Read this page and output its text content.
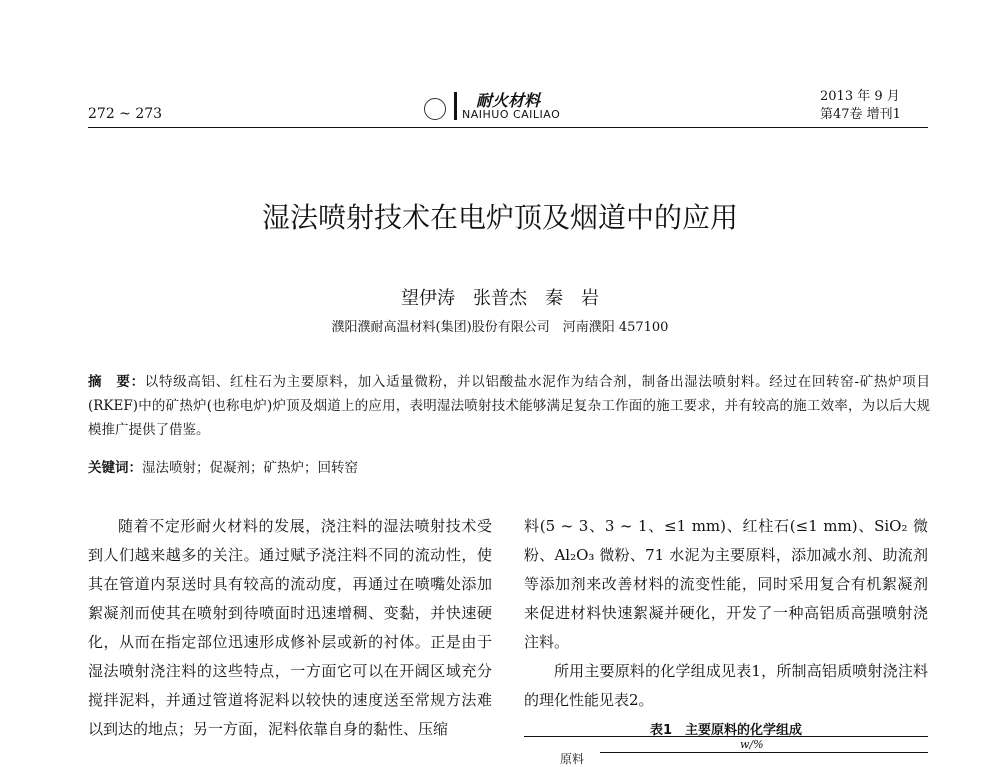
272 ~ 273
耐火材料
NAIHUO CAILIAO
2013 年 9 月
第47卷 增刊1
湿法喷射技术在电炉顶及烟道中的应用
望伊涛　张普杰　秦　岩
濮阳濮耐高温材料(集团)股份有限公司　河南濮阳 457100
摘　要：以特级高铝、红柱石为主要原料，加入适量微粉，并以铝酸盐水泥作为结合剂，制备出湿法喷射料。经过在回转窑-矿热炉项目(RKEF)中的矿热炉(也称电炉)炉顶及烟道上的应用，表明湿法喷射技术能够满足复杂工作面的施工要求，并有较高的施工效率，为以后大规模推广提供了借鉴。
关键词：湿法喷射；促凝剂；矿热炉；回转窑

随着不定形耐火材料的发展，浇注料的湿法喷射技术受到人们越来越多的关注。通过赋予浇注料不同的流动性，使其在管道内泵送时具有较高的流动度，再通过在喷嘴处添加絮凝剂而使其在喷射到待喷面时迅速增稠、变黏，并快速硬化，从而在指定部位迅速形成修补层或新的衬体。正是由于湿法喷射浇注料的这些特点，一方面它可以在开阔区域充分搅拌泥料，并通过管道将泥料以较快的速度送至常规方法难以到达的地点；另一方面，泥料依靠自身的黏性、压缩

料(5 ~ 3、3 ~ 1、≤1 mm)、红柱石(≤1 mm)、SiO₂ 微粉、Al₂O₃ 微粉、71 水泥为主要原料，添加减水剂、助流剂等添加剂来改善材料的流变性能，同时采用复合有机絮凝剂来促进材料快速絮凝并硬化，开发了一种高铝质高强喷射浇注料。

所用主要原料的化学组成见表1，所制高铝质喷射浇注料的理化性能见表2。

表1　主要原料的化学组成
w/%
原料
